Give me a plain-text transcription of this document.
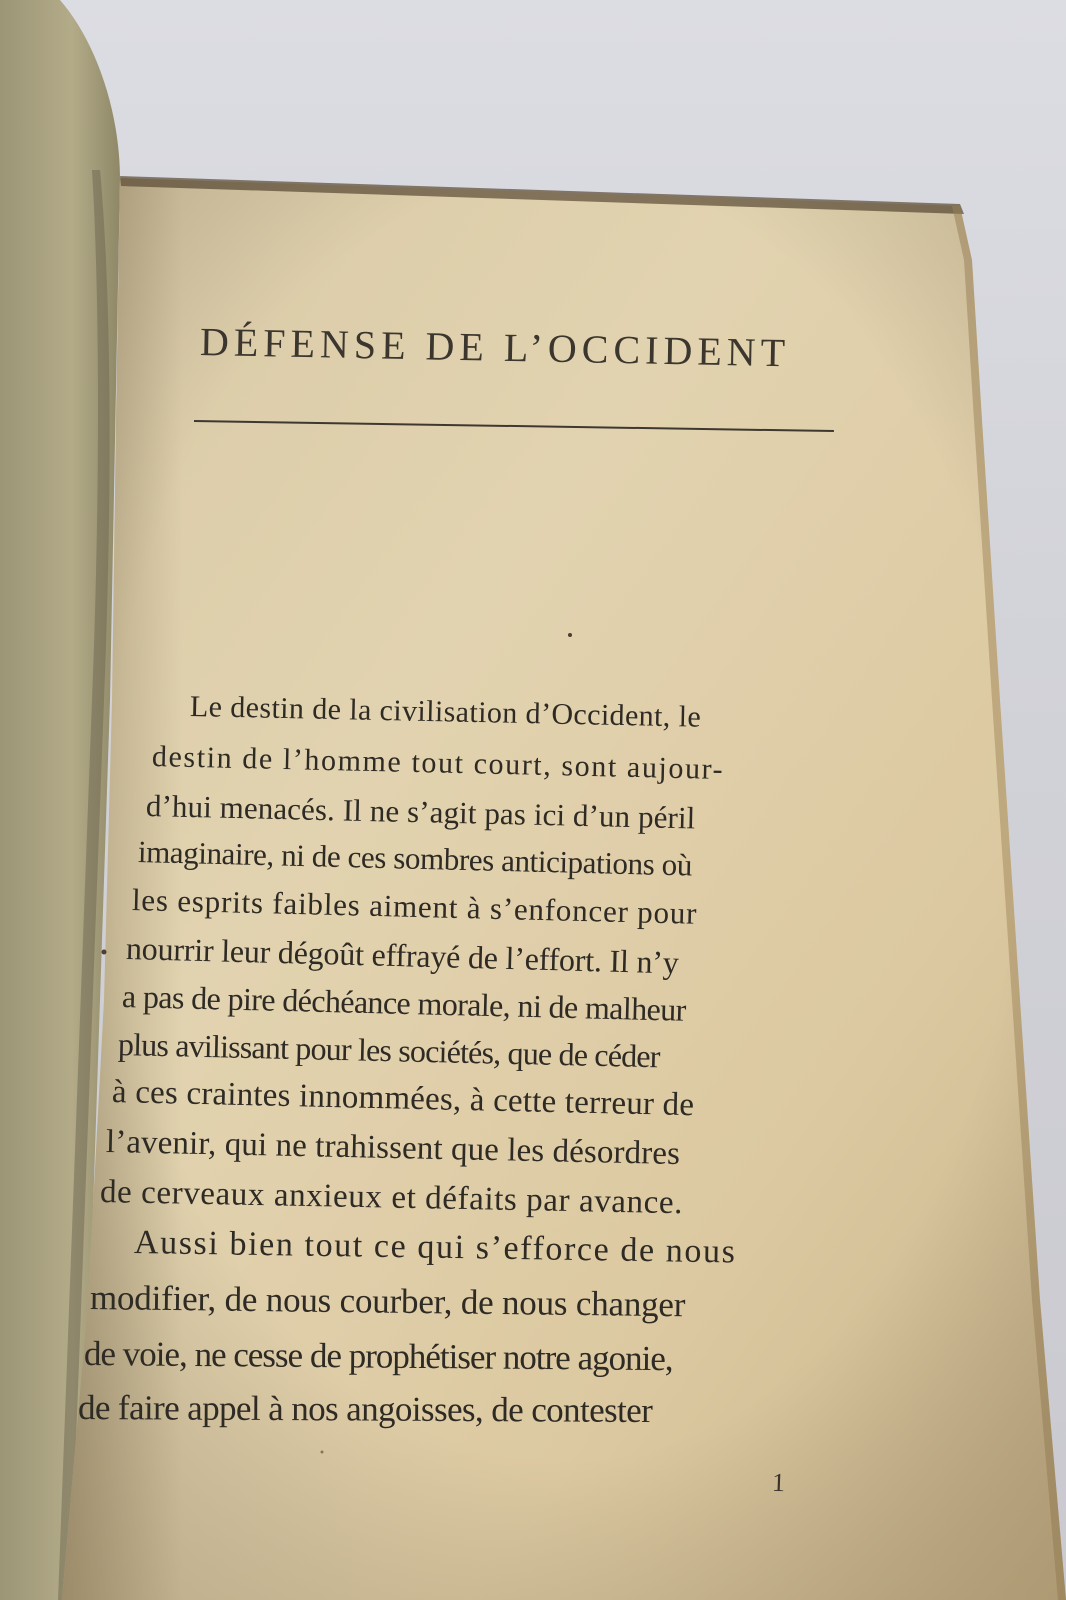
DÉFENSE DE L’OCCIDENT
Le destin de la civilisation d’Occident, le
destin de l’homme tout court, sont aujour-
d’hui menacés. Il ne s’agit pas ici d’un péril
imaginaire, ni de ces sombres anticipations où
les esprits faibles aiment à s’enfoncer pour
nourrir leur dégoût effrayé de l’effort. Il n’y
a pas de pire déchéance morale, ni de malheur
plus avilissant pour les sociétés, que de céder
à ces craintes innommées, à cette terreur de
l’avenir, qui ne trahissent que les désordres
de cerveaux anxieux et défaits par avance.
Aussi bien tout ce qui s’efforce de nous
modifier, de nous courber, de nous changer
de voie, ne cesse de prophétiser notre agonie,
de faire appel à nos angoisses, de contester
1
